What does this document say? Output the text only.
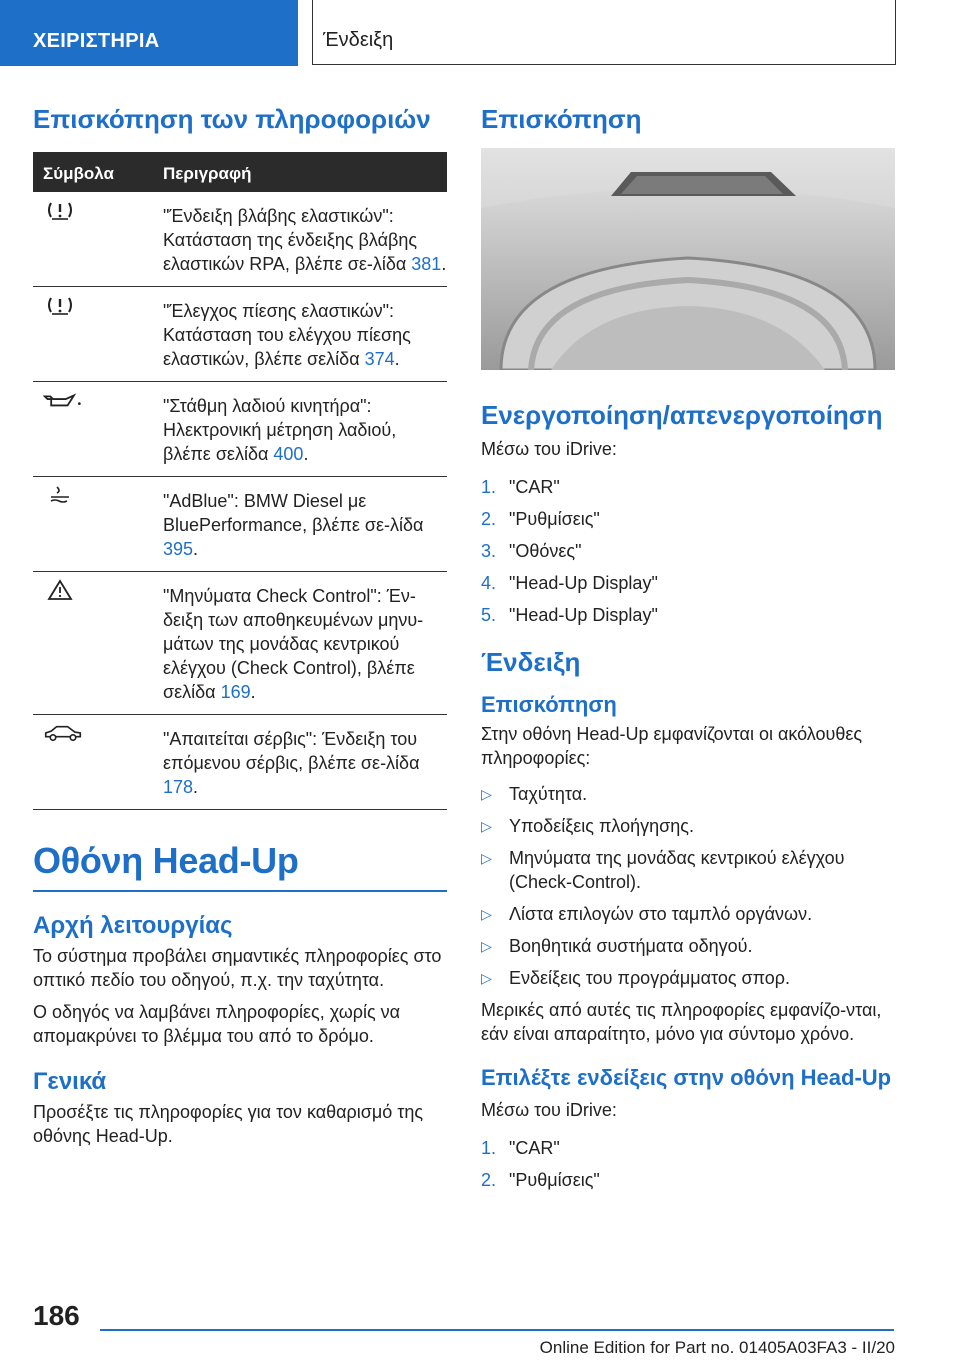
ΧΕΙΡΙΣΤΗΡΙΑ	Ένδειξη
Επισκόπηση των πληροφοριών
Σύμβολα	Περιγραφή
"Ένδειξη βλάβης ελαστικών": Κατάσταση της ένδειξης βλάβης ελαστικών RPA, βλέπε σε-λίδα 381.
"Έλεγχος πίεσης ελαστικών": Κατάσταση του ελέγχου πίεσης ελαστικών, βλέπε σελίδα 374.
"Στάθμη λαδιού κινητήρα": Ηλεκτρονική μέτρηση λαδιού, βλέπε σελίδα 400.
"AdBlue": BMW Diesel με BluePerformance, βλέπε σε-λίδα 395.
"Μηνύματα Check Control": Έν-δειξη των αποθηκευμένων μηνυ-μάτων της μονάδας κεντρικού ελέγχου (Check Control), βλέπε σελίδα 169.
"Απαιτείται σέρβις": Ένδειξη του επόμενου σέρβις, βλέπε σε-λίδα 178.
Οθόνη Head-Up
Αρχή λειτουργίας

Το σύστημα προβάλει σημαντικές πληροφορίες στο οπτικό πεδίο του οδηγού, π.χ. την ταχύτητα.

Ο οδηγός να λαμβάνει πληροφορίες, χωρίς να απομακρύνει το βλέμμα του από το δρόμο.

Γενικά

Προσέξτε τις πληροφορίες για τον καθαρισμό της οθόνης Head-Up.

Επισκόπηση
Ενεργοποίηση/απενεργοποίηση

Μέσω του iDrive:

1. "CAR"
2. "Ρυθμίσεις"
3. "Οθόνες"
4. "Head-Up Display"
5. "Head-Up Display"
Ένδειξη
Επισκόπηση

Στην οθόνη Head-Up εμφανίζονται οι ακόλουθες πληροφορίες:

▷ Ταχύτητα.
▷ Υποδείξεις πλοήγησης.
▷ Μηνύματα της μονάδας κεντρικού ελέγχου (Check-Control).
▷ Λίστα επιλογών στο ταμπλό οργάνων.
▷ Βοηθητικά συστήματα οδηγού.
▷ Ενδείξεις του προγράμματος σπορ.

Μερικές από αυτές τις πληροφορίες εμφανίζο-νται, εάν είναι απαραίτητο, μόνο για σύντομο χρόνο.

Επιλέξτε ενδείξεις στην οθόνη Head-Up

Μέσω του iDrive:

1. "CAR"
2. "Ρυθμίσεις"
186
Online Edition for Part no. 01405A03FA3 - II/20
